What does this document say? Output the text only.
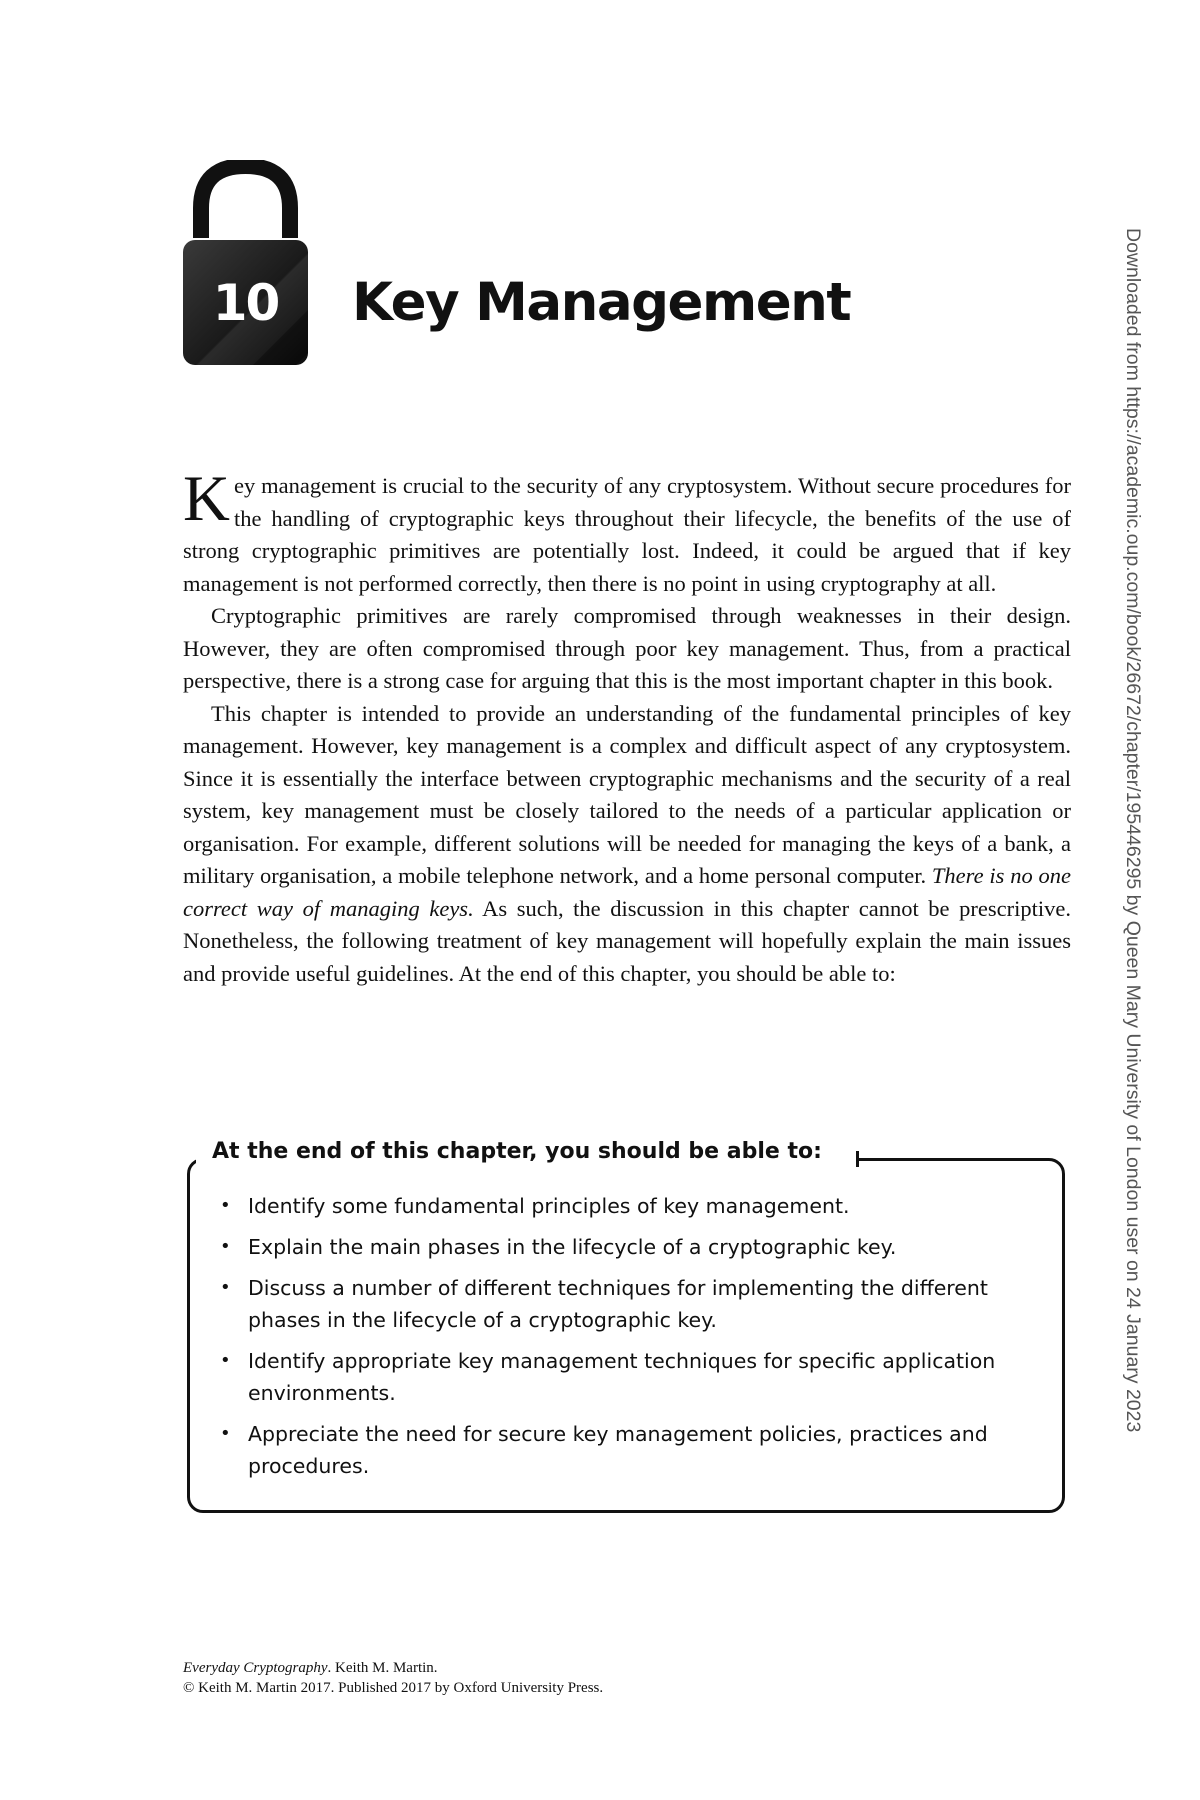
10	Key Management

Key management is crucial to the security of any cryptosystem. Without secure procedures for the handling of cryptographic keys throughout their lifecycle, the benefits of the use of strong cryptographic primitives are potentially lost. Indeed, it could be argued that if key management is not performed correctly, then there is no point in using cryptography at all.

Cryptographic primitives are rarely compromised through weaknesses in their design. However, they are often compromised through poor key management. Thus, from a practical perspective, there is a strong case for arguing that this is the most important chapter in this book.

This chapter is intended to provide an understanding of the fundamental principles of key management. However, key management is a complex and difficult aspect of any cryptosystem. Since it is essentially the interface between cryptographic mechanisms and the security of a real system, key management must be closely tailored to the needs of a particular application or organisation. For example, different solutions will be needed for managing the keys of a bank, a military organisation, a mobile telephone network, and a home personal computer. There is no one correct way of managing keys. As such, the discussion in this chapter cannot be prescriptive. Nonetheless, the following treatment of key management will hopefully explain the main issues and provide useful guidelines. At the end of this chapter, you should be able to:

At the end of this chapter, you should be able to:
• Identify some fundamental principles of key management.
• Explain the main phases in the lifecycle of a cryptographic key.
• Discuss a number of different techniques for implementing the different phases in the lifecycle of a cryptographic key.
• Identify appropriate key management techniques for specific application environments.
• Appreciate the need for secure key management policies, practices and procedures.
Everyday Cryptography. Keith M. Martin.
© Keith M. Martin 2017. Published 2017 by Oxford University Press.
Downloaded from https://academic.oup.com/book/26672/chapter/195446295 by Queen Mary University of London user on 24 January 2023
